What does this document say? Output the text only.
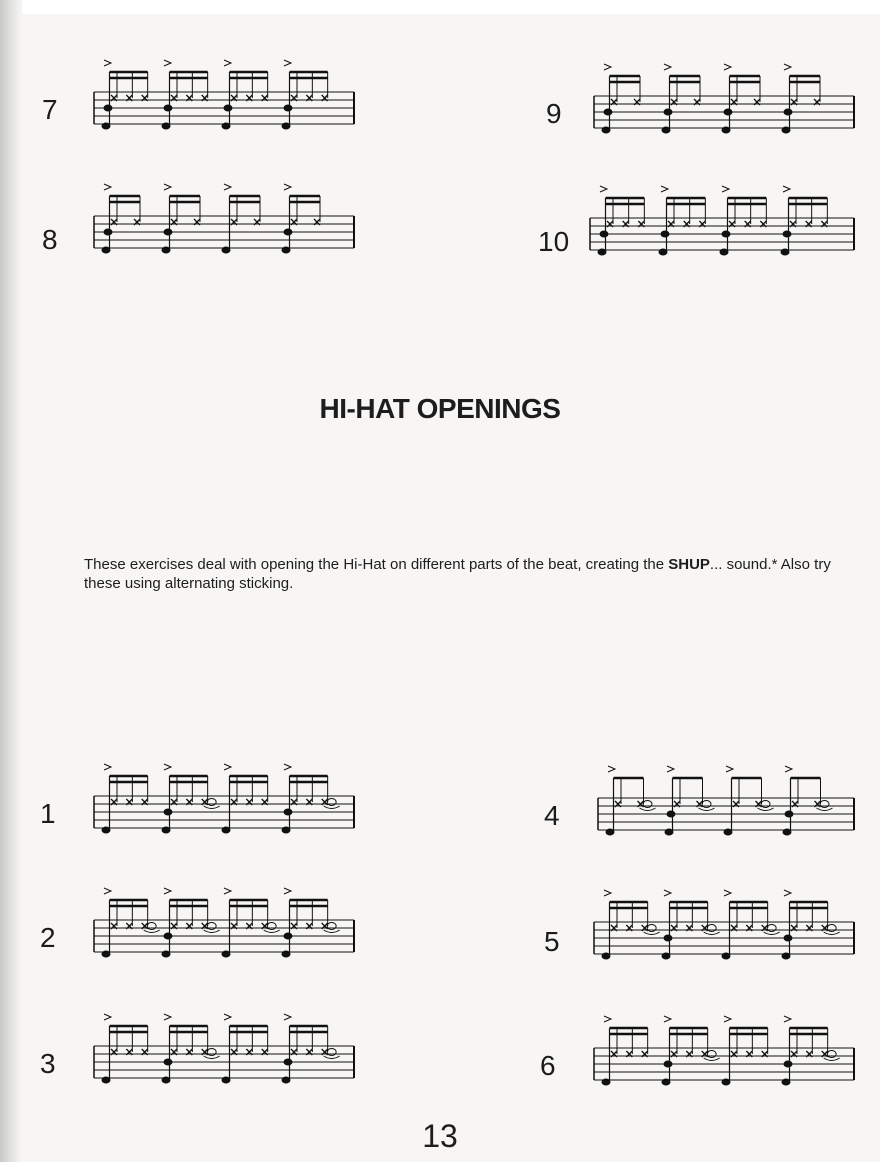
7
8
9
10
HI-HAT OPENINGS
These exercises deal with opening the Hi-Hat on different parts of the beat, creating the SHUP... sound.* Also try these using alternating sticking.
1
2
3
4
5
6
13
